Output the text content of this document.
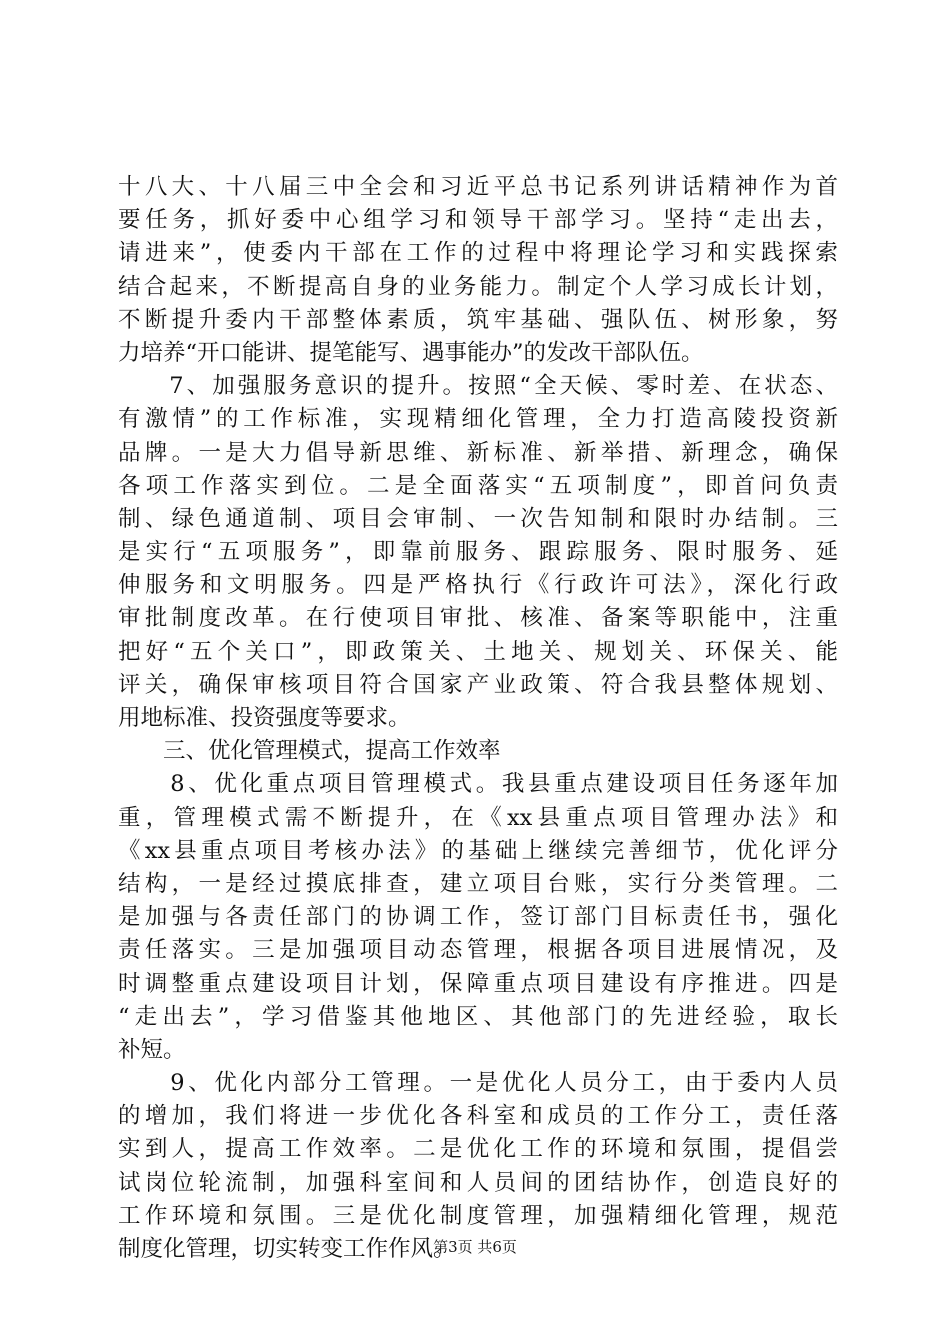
十八大、十八届三中全会和习近平总书记系列讲话精神作为首
要任务，抓好委中心组学习和领导干部学习。坚持“走出去，
请进来”，使委内干部在工作的过程中将理论学习和实践探索
结合起来，不断提高自身的业务能力。制定个人学习成长计划，
不断提升委内干部整体素质，筑牢基础、强队伍、树形象，努
力培养“开口能讲、提笔能写、遇事能办”的发改干部队伍。
　　7、加强服务意识的提升。按照“全天候、零时差、在状态、
有激情”的工作标准，实现精细化管理，全力打造高陵投资新
品牌。一是大力倡导新思维、新标准、新举措、新理念，确保
各项工作落实到位。二是全面落实“五项制度”，即首问负责
制、绿色通道制、项目会审制、一次告知制和限时办结制。三
是实行“五项服务”，即靠前服务、跟踪服务、限时服务、延
伸服务和文明服务。四是严格执行《行政许可法》，深化行政
审批制度改革。在行使项目审批、核准、备案等职能中，注重
把好“五个关口”，即政策关、土地关、规划关、环保关、能
评关，确保审核项目符合国家产业政策、符合我县整体规划、
用地标准、投资强度等要求。
　　三、优化管理模式，提高工作效率
　　8、优化重点项目管理模式。我县重点建设项目任务逐年加
重，管理模式需不断提升，在《xx县重点项目管理办法》和
《xx县重点项目考核办法》的基础上继续完善细节，优化评分
结构，一是经过摸底排查，建立项目台账，实行分类管理。二
是加强与各责任部门的协调工作，签订部门目标责任书，强化
责任落实。三是加强项目动态管理，根据各项目进展情况，及
时调整重点建设项目计划，保障重点项目建设有序推进。四是
“走出去”，学习借鉴其他地区、其他部门的先进经验，取长
补短。
　　9、优化内部分工管理。一是优化人员分工，由于委内人员
的增加，我们将进一步优化各科室和成员的工作分工，责任落
实到人，提高工作效率。二是优化工作的环境和氛围，提倡尝
试岗位轮流制，加强科室间和人员间的团结协作，创造良好的
工作环境和氛围。三是优化制度管理，加强精细化管理，规范
制度化管理，切实转变工作作风。
第3页 共6页
